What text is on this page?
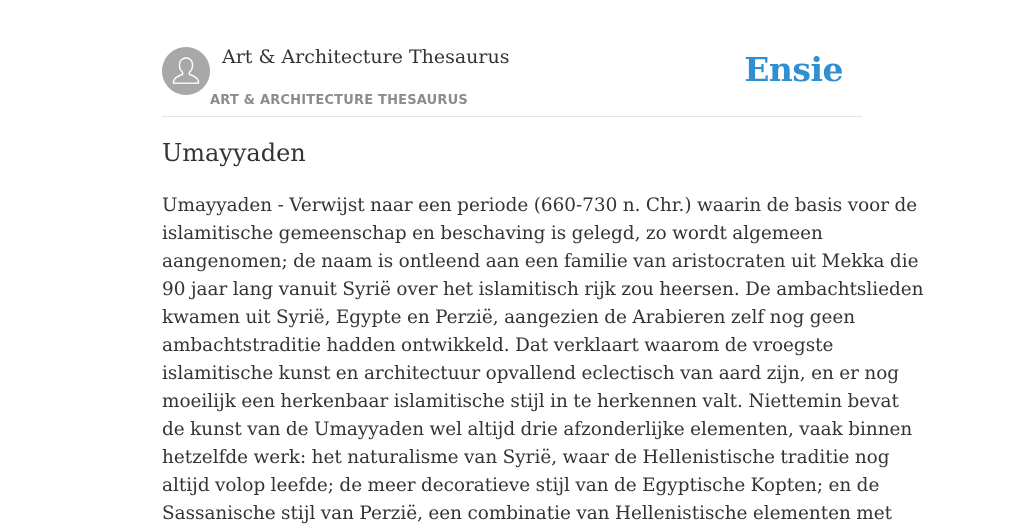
Art & Architecture Thesaurus
ART & ARCHITECTURE THESAURUS
Ensie
Umayyaden

Umayyaden - Verwijst naar een periode (660-730 n. Chr.) waarin de basis voor de
islamitische gemeenschap en beschaving is gelegd, zo wordt algemeen
aangenomen; de naam is ontleend aan een familie van aristocraten uit Mekka die
90 jaar lang vanuit Syrië over het islamitisch rijk zou heersen. De ambachtslieden
kwamen uit Syrië, Egypte en Perzië, aangezien de Arabieren zelf nog geen
ambachtstraditie hadden ontwikkeld. Dat verklaart waarom de vroegste
islamitische kunst en architectuur opvallend eclectisch van aard zijn, en er nog
moeilijk een herkenbaar islamitische stijl in te herkennen valt. Niettemin bevat
de kunst van de Umayyaden wel altijd drie afzonderlijke elementen, vaak binnen
hetzelfde werk: het naturalisme van Syrië, waar de Hellenistische traditie nog
altijd volop leefde; de meer decoratieve stijl van de Egyptische Kopten; en de
Sassanische stijl van Perzië, een combinatie van Hellenistische elementen met
